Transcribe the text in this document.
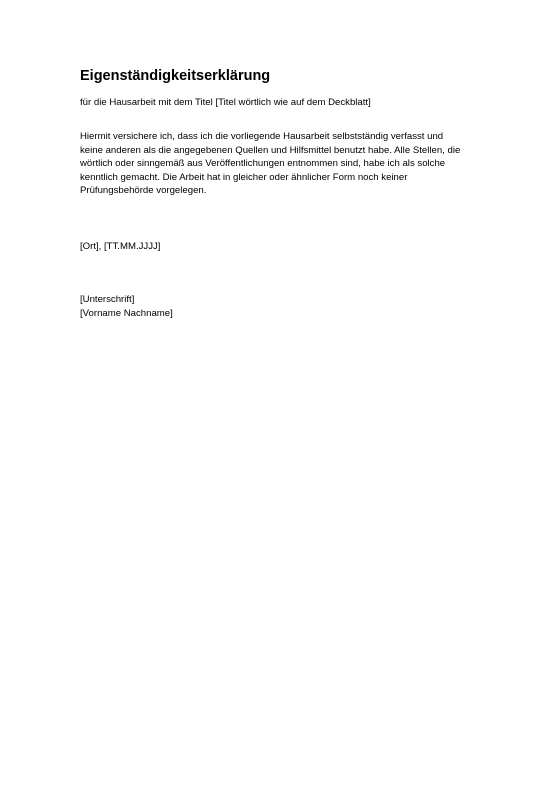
Eigenständigkeitserklärung

für die Hausarbeit mit dem Titel [Titel wörtlich wie auf dem Deckblatt]

Hiermit versichere ich, dass ich die vorliegende Hausarbeit selbstständig verfasst und
keine anderen als die angegebenen Quellen und Hilfsmittel benutzt habe. Alle Stellen, die
wörtlich oder sinngemäß aus Veröffentlichungen entnommen sind, habe ich als solche
kenntlich gemacht. Die Arbeit hat in gleicher oder ähnlicher Form noch keiner
Prüfungsbehörde vorgelegen.

[Ort], [TT.MM.JJJJ]

[Unterschrift]
[Vorname Nachname]
